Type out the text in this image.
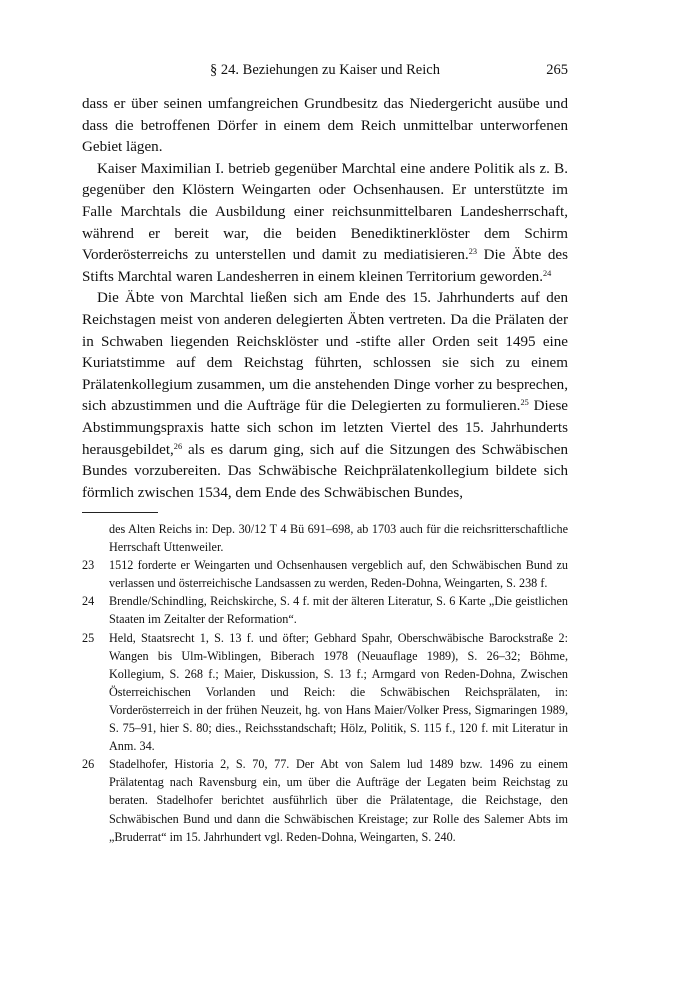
§ 24. Beziehungen zu Kaiser und Reich	265

dass er über seinen umfangreichen Grundbesitz das Niedergericht ausübe und dass die betroffenen Dörfer in einem dem Reich unmittelbar unterworfenen Gebiet lägen.

Kaiser Maximilian I. betrieb gegenüber Marchtal eine andere Politik als z. B. gegenüber den Klöstern Weingarten oder Ochsenhausen. Er unterstützte im Falle Marchtals die Ausbildung einer reichsunmittelbaren Landesherrschaft, während er bereit war, die beiden Benediktinerklöster dem Schirm Vorderösterreichs zu unterstellen und damit zu mediatisieren.$^{23}$ Die Äbte des Stifts Marchtal waren Landesherren in einem kleinen Territorium geworden.$^{24}$

Die Äbte von Marchtal ließen sich am Ende des 15. Jahrhunderts auf den Reichstagen meist von anderen delegierten Äbten vertreten. Da die Prälaten der in Schwaben liegenden Reichsklöster und -stifte aller Orden seit 1495 eine Kuriatstimme auf dem Reichstag führten, schlossen sie sich zu einem Prälatenkollegium zusammen, um die anstehenden Dinge vorher zu besprechen, sich abzustimmen und die Aufträge für die Delegierten zu formulieren.$^{25}$ Diese Abstimmungspraxis hatte sich schon im letzten Viertel des 15. Jahrhunderts herausgebildet,$^{26}$ als es darum ging, sich auf die Sitzungen des Schwäbischen Bundes vorzubereiten. Das Schwäbische Reichprälatenkollegium bildete sich förmlich zwischen 1534, dem Ende des Schwäbischen Bundes,

des Alten Reichs in: Dep. 30/12 T 4 Bü 691–698, ab 1703 auch für die reichsritterschaftliche Herrschaft Uttenweiler.
23 1512 forderte er Weingarten und Ochsenhausen vergeblich auf, den Schwäbischen Bund zu verlassen und österreichische Landsassen zu werden, Reden-Dohna, Weingarten, S. 238 f.
24 Brendle/Schindling, Reichskirche, S. 4 f. mit der älteren Literatur, S. 6 Karte „Die geistlichen Staaten im Zeitalter der Reformation“.
25 Held, Staatsrecht 1, S. 13 f. und öfter; Gebhard Spahr, Oberschwäbische Barockstraße 2: Wangen bis Ulm-Wiblingen, Biberach 1978 (Neuauflage 1989), S. 26–32; Böhme, Kollegium, S. 268 f.; Maier, Diskussion, S. 13 f.; Armgard von Reden-Dohna, Zwischen Österreichischen Vorlanden und Reich: die Schwäbischen Reichsprälaten, in: Vorderösterreich in der frühen Neuzeit, hg. von Hans Maier/Volker Press, Sigmaringen 1989, S. 75–91, hier S. 80; dies., Reichsstandschaft; Hölz, Politik, S. 115 f., 120 f. mit Literatur in Anm. 34.
26 Stadelhofer, Historia 2, S. 70, 77. Der Abt von Salem lud 1489 bzw. 1496 zu einem Prälatentag nach Ravensburg ein, um über die Aufträge der Legaten beim Reichstag zu beraten. Stadelhofer berichtet ausführlich über die Prälatentage, die Reichstage, den Schwäbischen Bund und dann die Schwäbischen Kreistage; zur Rolle des Salemer Abts im „Bruderrat“ im 15. Jahrhundert vgl. Reden-Dohna, Weingarten, S. 240.
